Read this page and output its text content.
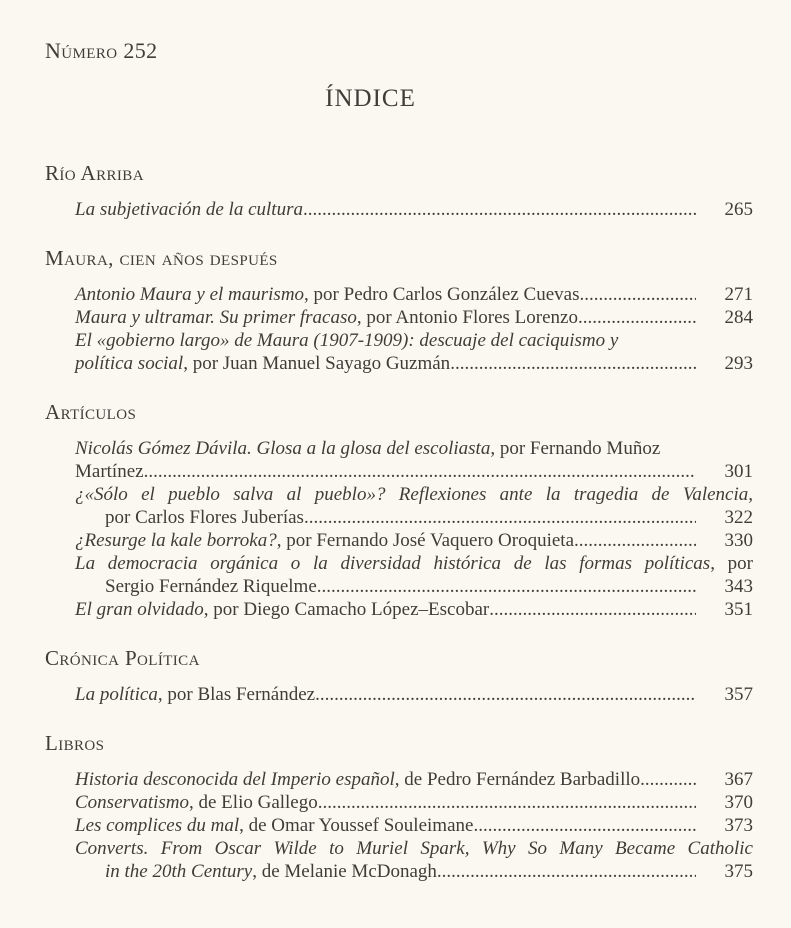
Número 252
ÍNDICE
Río Arriba
La subjetivación de la cultura .....	265
Maura, cien años después
Antonio Maura y el maurismo, por Pedro Carlos González Cuevas .....	271
Maura y ultramar. Su primer fracaso, por Antonio Flores Lorenzo .....	284
El «gobierno largo» de Maura (1907-1909): descuaje del caciquismo y
política social, por Juan Manuel Sayago Guzmán .....	293
Artículos
Nicolás Gómez Dávila. Glosa a la glosa del escoliasta, por Fernando Muñoz
Martínez .....	301
¿«Sólo el pueblo salva al pueblo»? Reflexiones ante la tragedia de Valencia,
por Carlos Flores Juberías .....	322
¿Resurge la kale borroka?, por Fernando José Vaquero Oroquieta .....	330
La democracia orgánica o la diversidad histórica de las formas políticas, por
Sergio Fernández Riquelme .....	343
El gran olvidado, por Diego Camacho López–Escobar .....	351
Crónica Política
La política, por Blas Fernández .....	357
Libros
Historia desconocida del Imperio español, de Pedro Fernández Barbadillo .....	367
Conservatismo, de Elio Gallego .....	370
Les complices du mal, de Omar Youssef Souleimane .....	373
Converts. From Oscar Wilde to Muriel Spark, Why So Many Became Catholic
in the 20th Century, de Melanie McDonagh .....	375
